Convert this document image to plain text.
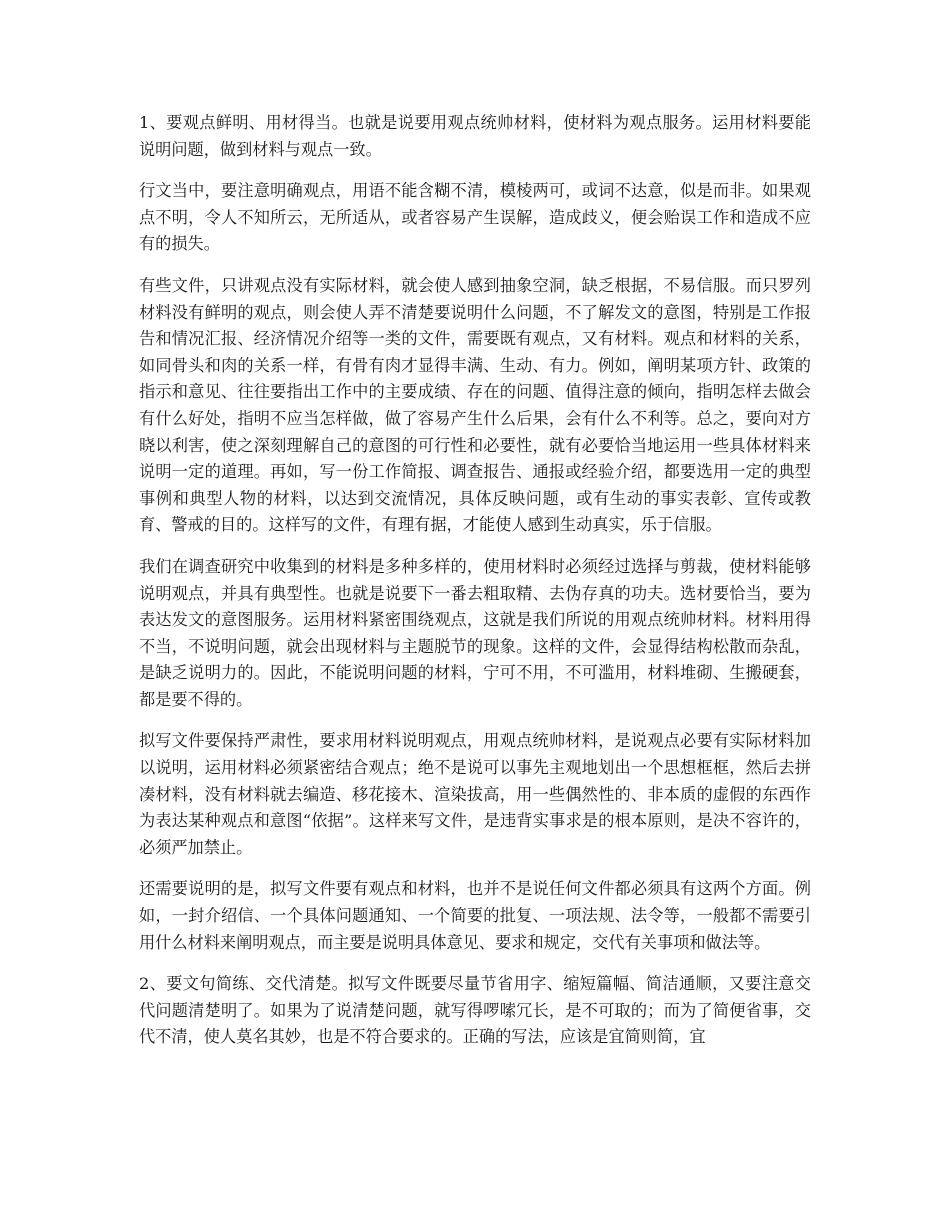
1、要观点鲜明、用材得当。也就是说要用观点统帅材料，使材料为观点服务。运用材料要能说明问题，做到材料与观点一致。

行文当中，要注意明确观点，用语不能含糊不清，模棱两可，或词不达意，似是而非。如果观点不明，令人不知所云，无所适从，或者容易产生误解，造成歧义，便会贻误工作和造成不应有的损失。

有些文件，只讲观点没有实际材料，就会使人感到抽象空洞，缺乏根据，不易信服。而只罗列材料没有鲜明的观点，则会使人弄不清楚要说明什么问题，不了解发文的意图，特别是工作报告和情况汇报、经济情况介绍等一类的文件，需要既有观点，又有材料。观点和材料的关系，如同骨头和肉的关系一样，有骨有肉才显得丰满、生动、有力。例如，阐明某项方针、政策的指示和意见、往往要指出工作中的主要成绩、存在的问题、值得注意的倾向，指明怎样去做会有什么好处，指明不应当怎样做，做了容易产生什么后果，会有什么不利等。总之，要向对方晓以利害，使之深刻理解自己的意图的可行性和必要性，就有必要恰当地运用一些具体材料来说明一定的道理。再如，写一份工作简报、调查报告、通报或经验介绍，都要选用一定的典型事例和典型人物的材料，以达到交流情况，具体反映问题，或有生动的事实表彰、宣传或教育、警戒的目的。这样写的文件，有理有据，才能使人感到生动真实，乐于信服。

我们在调查研究中收集到的材料是多种多样的，使用材料时必须经过选择与剪裁，使材料能够说明观点，并具有典型性。也就是说要下一番去粗取精、去伪存真的功夫。选材要恰当，要为表达发文的意图服务。运用材料紧密围绕观点，这就是我们所说的用观点统帅材料。材料用得不当，不说明问题，就会出现材料与主题脱节的现象。这样的文件，会显得结构松散而杂乱，是缺乏说明力的。因此，不能说明问题的材料，宁可不用，不可滥用，材料堆砌、生搬硬套，都是要不得的。

拟写文件要保持严肃性，要求用材料说明观点，用观点统帅材料，是说观点必要有实际材料加以说明，运用材料必须紧密结合观点；绝不是说可以事先主观地划出一个思想框框，然后去拼凑材料，没有材料就去编造、移花接木、渲染拔高，用一些偶然性的、非本质的虚假的东西作为表达某种观点和意图“依据”。这样来写文件，是违背实事求是的根本原则，是决不容许的，必须严加禁止。

还需要说明的是，拟写文件要有观点和材料，也并不是说任何文件都必须具有这两个方面。例如，一封介绍信、一个具体问题通知、一个简要的批复、一项法规、法令等，一般都不需要引用什么材料来阐明观点，而主要是说明具体意见、要求和规定，交代有关事项和做法等。

2、要文句简练、交代清楚。拟写文件既要尽量节省用字、缩短篇幅、简洁通顺，又要注意交代问题清楚明了。如果为了说清楚问题，就写得啰嗦冗长，是不可取的；而为了简便省事，交代不清，使人莫名其妙，也是不符合要求的。正确的写法，应该是宜简则简，宜
